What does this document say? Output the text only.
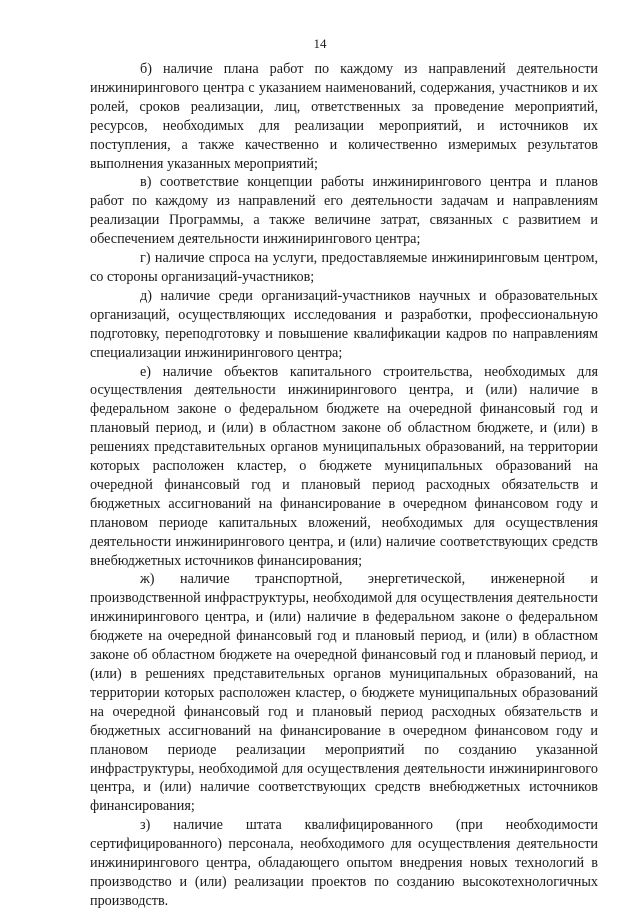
14

б) наличие плана работ по каждому из направлений деятельности инжинирингового центра с указанием наименований, содержания, участников и их ролей, сроков реализации, лиц, ответственных за проведение мероприятий, ресурсов, необходимых для реализации мероприятий, и источников их поступления, а также качественно и количественно измеримых результатов выполнения указанных мероприятий;

в) соответствие концепции работы инжинирингового центра и планов работ по каждому из направлений его деятельности задачам и направлениям реализации Программы, а также величине затрат, связанных с развитием и обеспечением деятельности инжинирингового центра;

г) наличие спроса на услуги, предоставляемые инжиниринговым центром, со стороны организаций-участников;

д) наличие среди организаций-участников научных и образовательных организаций, осуществляющих исследования и разработки, профессиональную подготовку, переподготовку и повышение квалификации кадров по направлениям специализации инжинирингового центра;

е) наличие объектов капитального строительства, необходимых для осуществления деятельности инжинирингового центра, и (или) наличие в федеральном законе о федеральном бюджете на очередной финансовый год и плановый период, и (или) в областном законе об областном бюджете, и (или) в решениях представительных органов муниципальных образований, на территории которых расположен кластер, о бюджете муниципальных образований на очередной финансовый год и плановый период расходных обязательств и бюджетных ассигнований на финансирование в очередном финансовом году и плановом периоде капитальных вложений, необходимых для осуществления деятельности инжинирингового центра, и (или) наличие соответствующих средств внебюджетных источников финансирования;

ж) наличие транспортной, энергетической, инженерной и производственной инфраструктуры, необходимой для осуществления деятельности инжинирингового центра, и (или) наличие в федеральном законе о федеральном бюджете на очередной финансовый год и плановый период, и (или) в областном законе об областном бюджете на очередной финансовый год и плановый период, и (или) в решениях представительных органов муниципальных образований, на территории которых расположен кластер, о бюджете муниципальных образований на очередной финансовый год и плановый период расходных обязательств и бюджетных ассигнований на финансирование в очередном финансовом году и плановом периоде реализации мероприятий по созданию указанной инфраструктуры, необходимой для осуществления деятельности инжинирингового центра, и (или) наличие соответствующих средств внебюджетных источников финансирования;

з) наличие штата квалифицированного (при необходимости сертифицированного) персонала, необходимого для осуществления деятельности инжинирингового центра, обладающего опытом внедрения новых технологий в производство и (или) реализации проектов по созданию высокотехнологичных производств.
